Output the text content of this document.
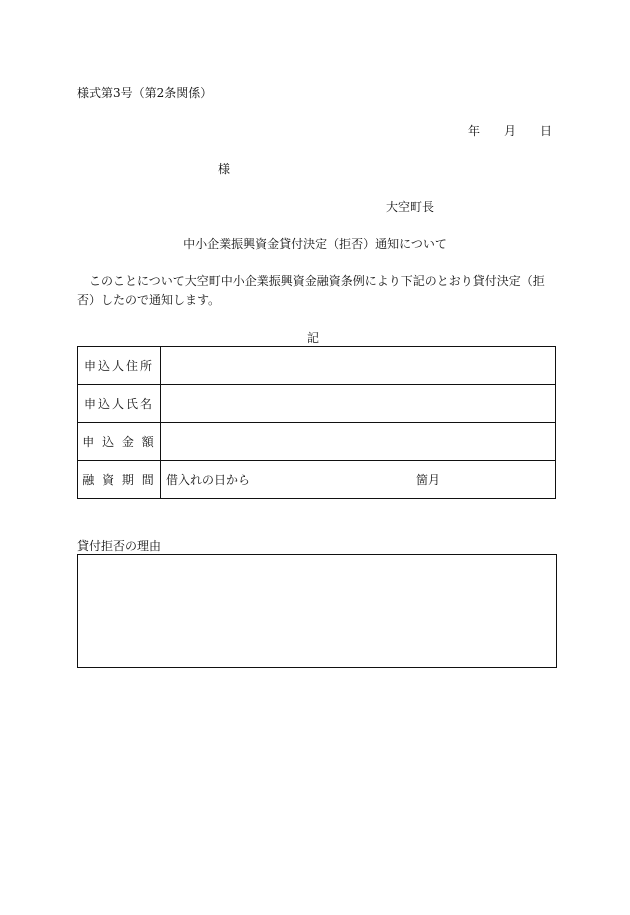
様式第3号（第2条関係）
年 月 日
様
大空町長
中小企業振興資金貸付決定（拒否）通知について
　このことについて大空町中小企業振興資金融資条例により下記のとおり貸付決定（拒否）したので通知します。
記
申込人住所	
申込人氏名	
申 込 金 額	
融 資 期 間	借入れの日から 箇月
貸付拒否の理由
